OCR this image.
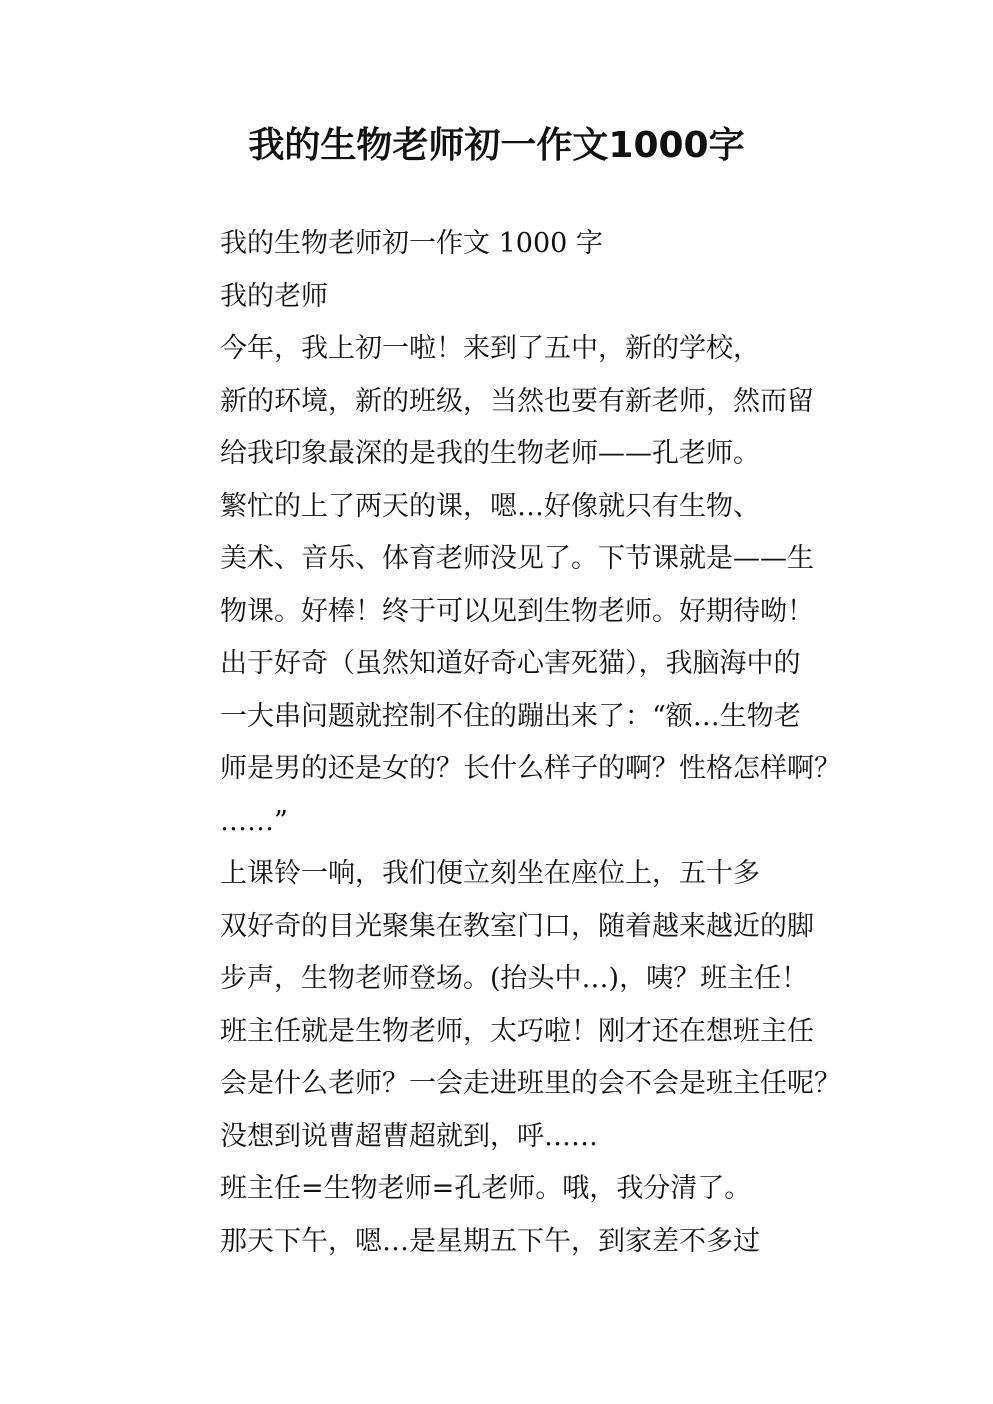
我的生物老师初一作文1000字

我的生物老师初一作文 1000 字

我的老师

今年，我上初一啦！来到了五中，新的学校，
新的环境，新的班级，当然也要有新老师，然而留
给我印象最深的是我的生物老师——孔老师。

繁忙的上了两天的课，嗯…好像就只有生物、
美术、音乐、体育老师没见了。下节课就是——生
物课。好棒！终于可以见到生物老师。好期待呦！
出于好奇（虽然知道好奇心害死猫），我脑海中的
一大串问题就控制不住的蹦出来了：“额…生物老
师是男的还是女的？长什么样子的啊？性格怎样啊？
……”

上课铃一响，我们便立刻坐在座位上，五十多
双好奇的目光聚集在教室门口，随着越来越近的脚
步声，生物老师登场。(抬头中…)，咦？班主任！
班主任就是生物老师，太巧啦！刚才还在想班主任
会是什么老师？一会走进班里的会不会是班主任呢？
没想到说曹超曹超就到，呼……

班主任=生物老师=孔老师。哦，我分清了。

那天下午，嗯…是星期五下午，到家差不多过
